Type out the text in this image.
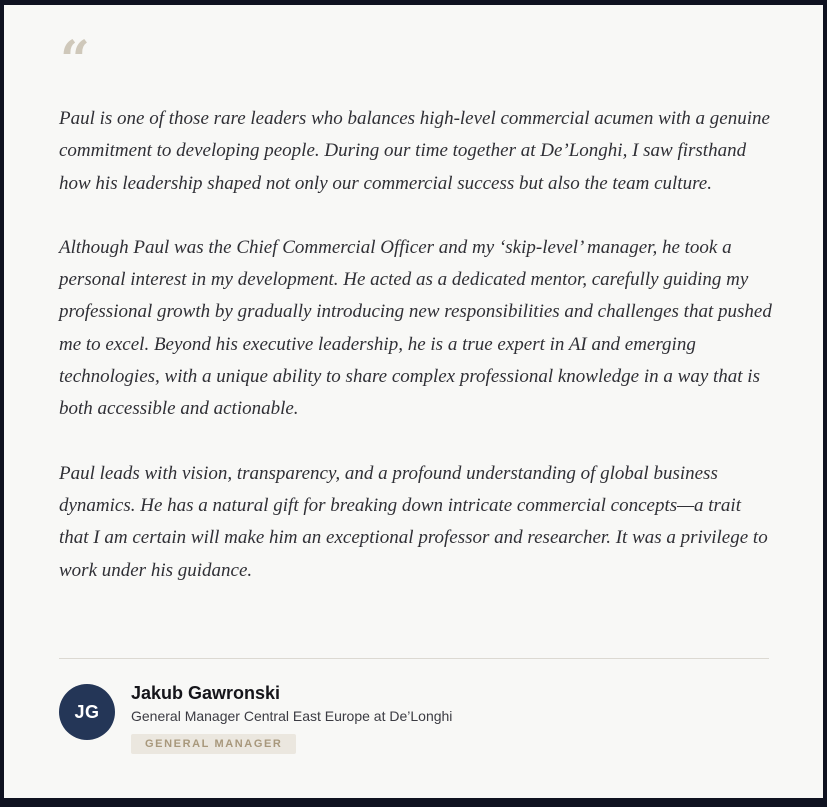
“

Paul is one of those rare leaders who balances high-level commercial acumen with a genuine commitment to developing people. During our time together at De’Longhi, I saw firsthand how his leadership shaped not only our commercial success but also the team culture.

Although Paul was the Chief Commercial Officer and my ‘skip-level’ manager, he took a personal interest in my development. He acted as a dedicated mentor, carefully guiding my professional growth by gradually introducing new responsibilities and challenges that pushed me to excel. Beyond his executive leadership, he is a true expert in AI and emerging technologies, with a unique ability to share complex professional knowledge in a way that is both accessible and actionable.

Paul leads with vision, transparency, and a profound understanding of global business dynamics. He has a natural gift for breaking down intricate commercial concepts—a trait that I am certain will make him an exceptional professor and researcher. It was a privilege to work under his guidance.

JG
Jakub Gawronski
General Manager Central East Europe at De’Longhi
GENERAL MANAGER
